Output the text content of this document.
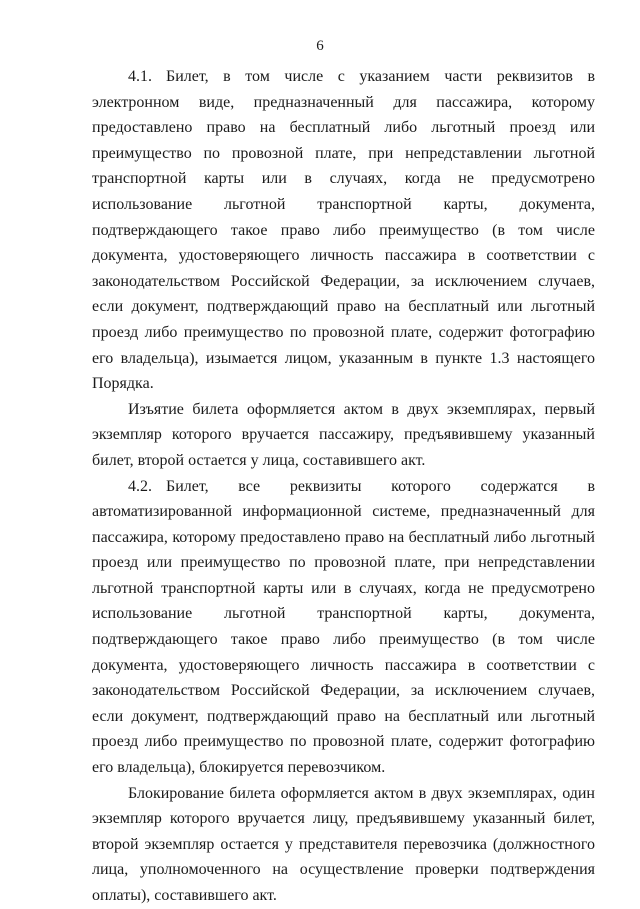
6

4.1. Билет, в том числе с указанием части реквизитов в электронном виде, предназначенный для пассажира, которому предоставлено право на бесплатный либо льготный проезд или преимущество по провозной плате, при непредставлении льготной транспортной карты или в случаях, когда не предусмотрено использование льготной транспортной карты, документа, подтверждающего такое право либо преимущество (в том числе документа, удостоверяющего личность пассажира в соответствии с законодательством Российской Федерации, за исключением случаев, если документ, подтверждающий право на бесплатный или льготный проезд либо преимущество по провозной плате, содержит фотографию его владельца), изымается лицом, указанным в пункте 1.3 настоящего Порядка.

Изъятие билета оформляется актом в двух экземплярах, первый экземпляр которого вручается пассажиру, предъявившему указанный билет, второй остается у лица, составившего акт.

4.2. Билет, все реквизиты которого содержатся в автоматизированной информационной системе, предназначенный для пассажира, которому предоставлено право на бесплатный либо льготный проезд или преимущество по провозной плате, при непредставлении льготной транспортной карты или в случаях, когда не предусмотрено использование льготной транспортной карты, документа, подтверждающего такое право либо преимущество (в том числе документа, удостоверяющего личность пассажира в соответствии с законодательством Российской Федерации, за исключением случаев, если документ, подтверждающий право на бесплатный или льготный проезд либо преимущество по провозной плате, содержит фотографию его владельца), блокируется перевозчиком.

Блокирование билета оформляется актом в двух экземплярах, один экземпляр которого вручается лицу, предъявившему указанный билет, второй экземпляр остается у представителя перевозчика (должностного лица, уполномоченного на осуществление проверки подтверждения оплаты), составившего акт.
